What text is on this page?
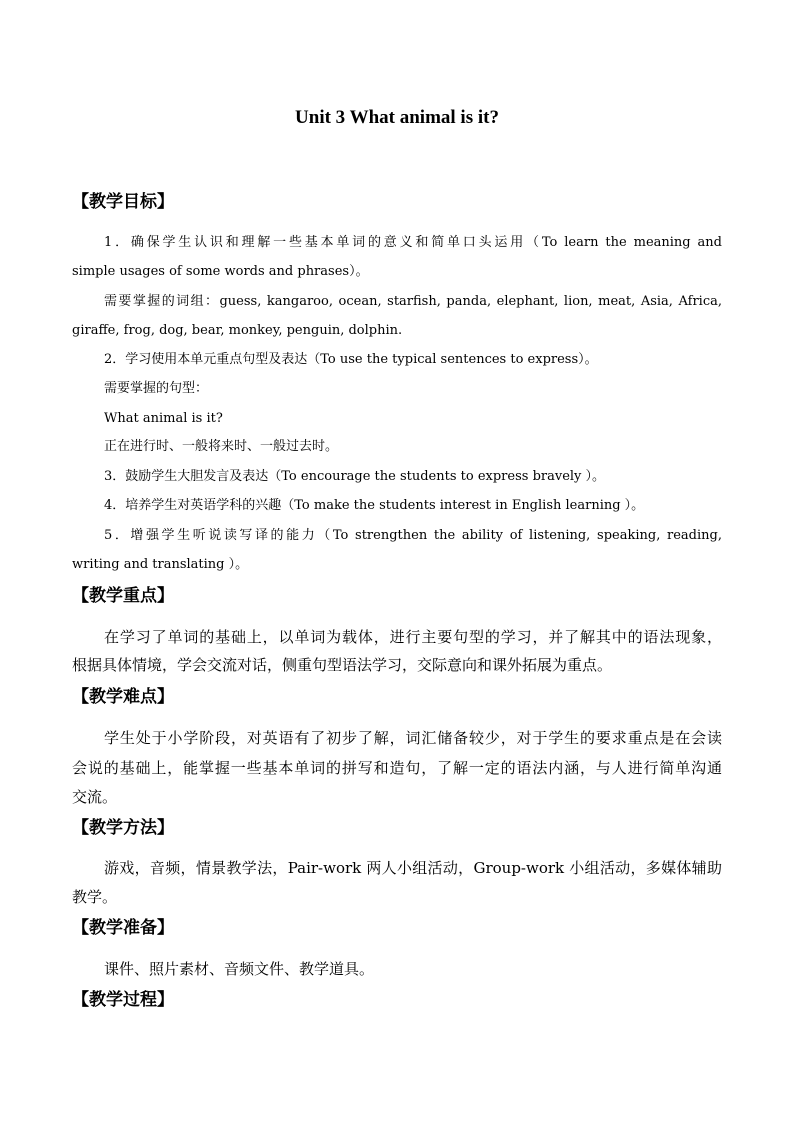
Unit 3 What animal is it?
【教学目标】
1．确保学生认识和理解一些基本单词的意义和简单口头运用（To learn the meaning and
simple usages of some words and phrases）。
需要掌握的词组：guess, kangaroo, ocean, starfish, panda, elephant, lion, meat, Asia, Africa,
giraffe, frog, dog, bear, monkey, penguin, dolphin.
2．学习使用本单元重点句型及表达（To use the typical sentences to express）。
需要掌握的句型：
What animal is it?
正在进行时、一般将来时、一般过去时。
3．鼓励学生大胆发言及表达（To encourage the students to express bravely ）。
4．培养学生对英语学科的兴趣（To make the students interest in English learning ）。
5．增强学生听说读写译的能力（To strengthen the ability of listening, speaking, reading,
writing and translating ）。
【教学重点】
在学习了单词的基础上，以单词为载体，进行主要句型的学习，并了解其中的语法现象，
根据具体情境，学会交流对话，侧重句型语法学习，交际意向和课外拓展为重点。
【教学难点】
学生处于小学阶段，对英语有了初步了解，词汇储备较少，对于学生的要求重点是在会读
会说的基础上，能掌握一些基本单词的拼写和造句，了解一定的语法内涵，与人进行简单沟通
交流。
【教学方法】
游戏，音频，情景教学法，Pair-work 两人小组活动，Group-work 小组活动，多媒体辅助
教学。
【教学准备】
课件、照片素材、音频文件、教学道具。
【教学过程】
